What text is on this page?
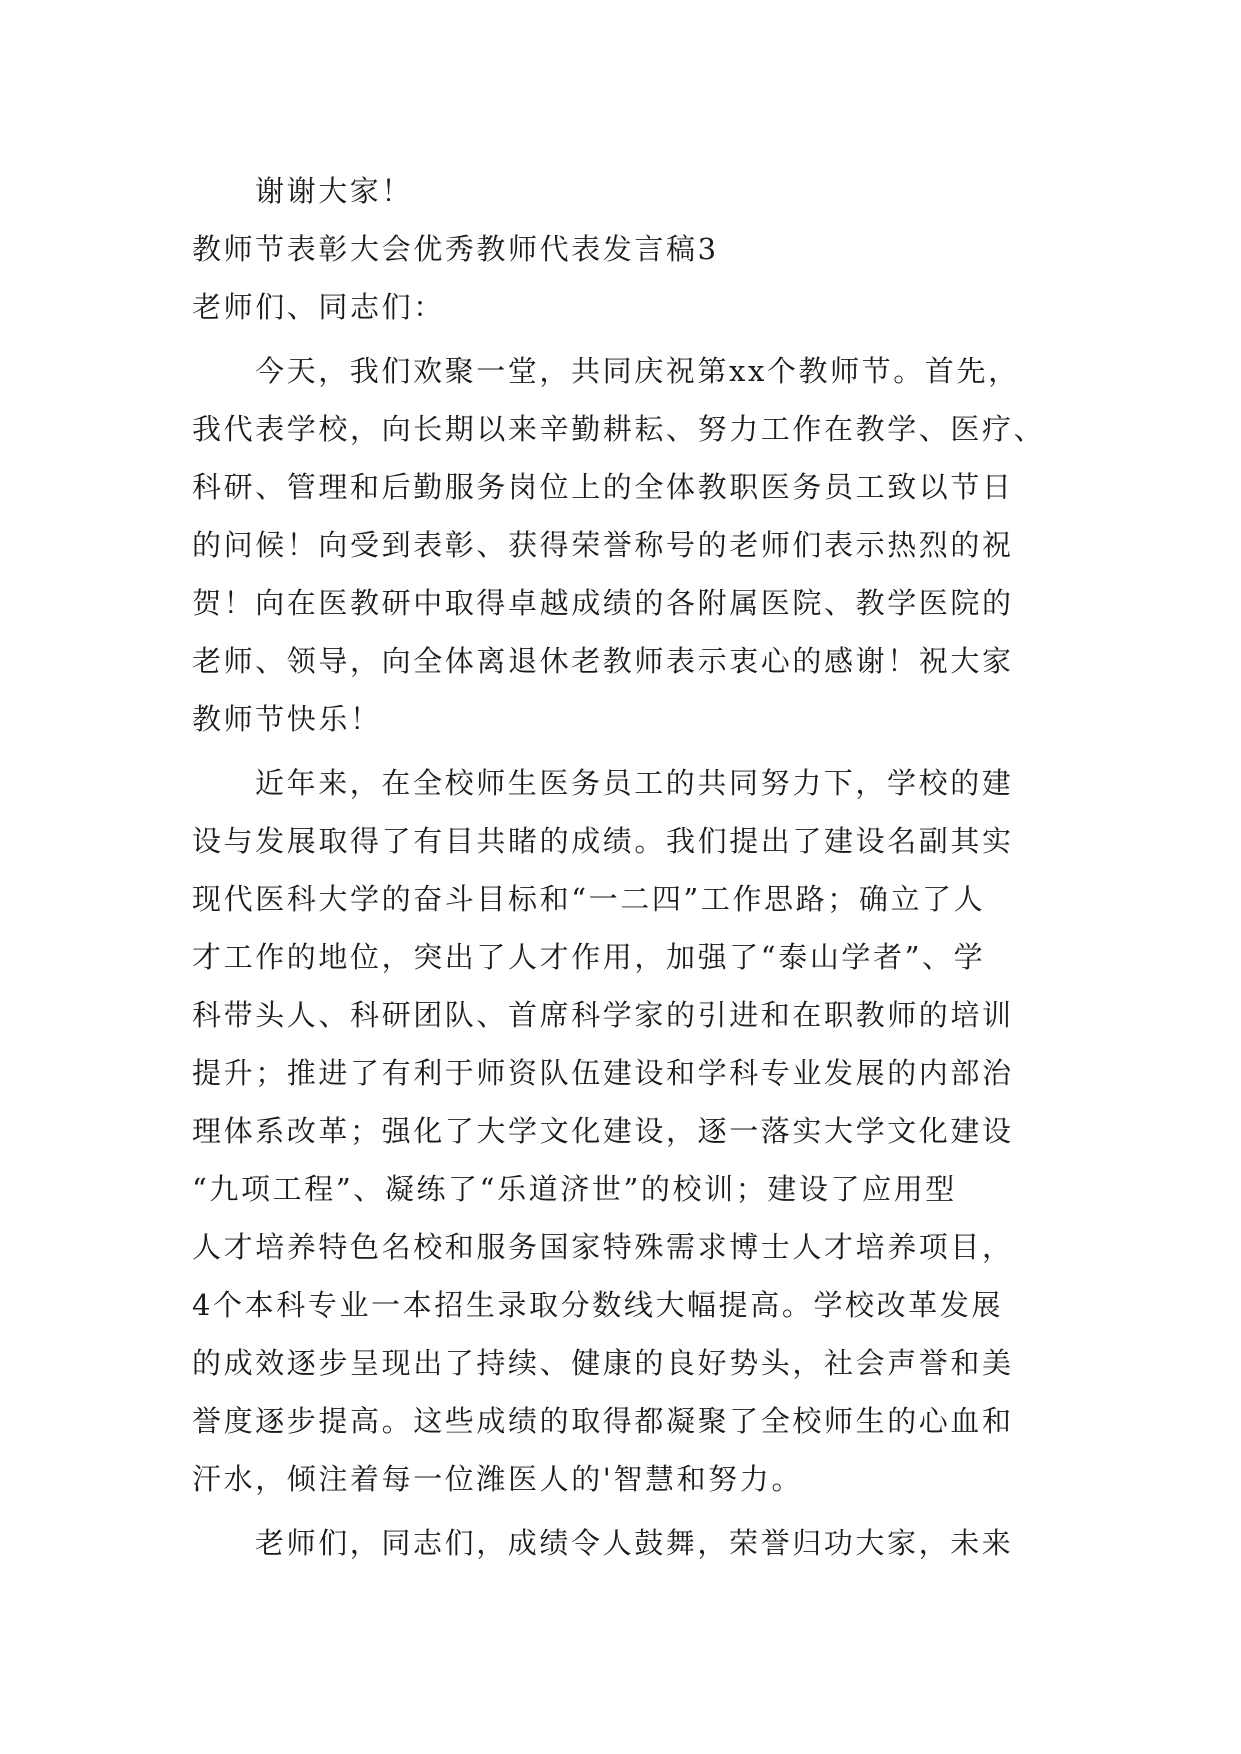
谢谢大家！
教师节表彰大会优秀教师代表发言稿3
老师们、同志们：
今天，我们欢聚一堂，共同庆祝第xx个教师节。首先，
我代表学校，向长期以来辛勤耕耘、努力工作在教学、医疗、
科研、管理和后勤服务岗位上的全体教职医务员工致以节日
的问候！向受到表彰、获得荣誉称号的老师们表示热烈的祝
贺！向在医教研中取得卓越成绩的各附属医院、教学医院的
老师、领导，向全体离退休老教师表示衷心的感谢！祝大家
教师节快乐！
近年来，在全校师生医务员工的共同努力下，学校的建
设与发展取得了有目共睹的成绩。我们提出了建设名副其实
现代医科大学的奋斗目标和“一二四”工作思路；确立了人
才工作的地位，突出了人才作用，加强了“泰山学者”、学
科带头人、科研团队、首席科学家的引进和在职教师的培训
提升；推进了有利于师资队伍建设和学科专业发展的内部治
理体系改革；强化了大学文化建设，逐一落实大学文化建设
“九项工程”、凝练了“乐道济世”的校训；建设了应用型
人才培养特色名校和服务国家特殊需求博士人才培养项目，
4个本科专业一本招生录取分数线大幅提高。学校改革发展
的成效逐步呈现出了持续、健康的良好势头，社会声誉和美
誉度逐步提高。这些成绩的取得都凝聚了全校师生的心血和
汗水，倾注着每一位潍医人的'智慧和努力。
老师们，同志们，成绩令人鼓舞，荣誉归功大家，未来
